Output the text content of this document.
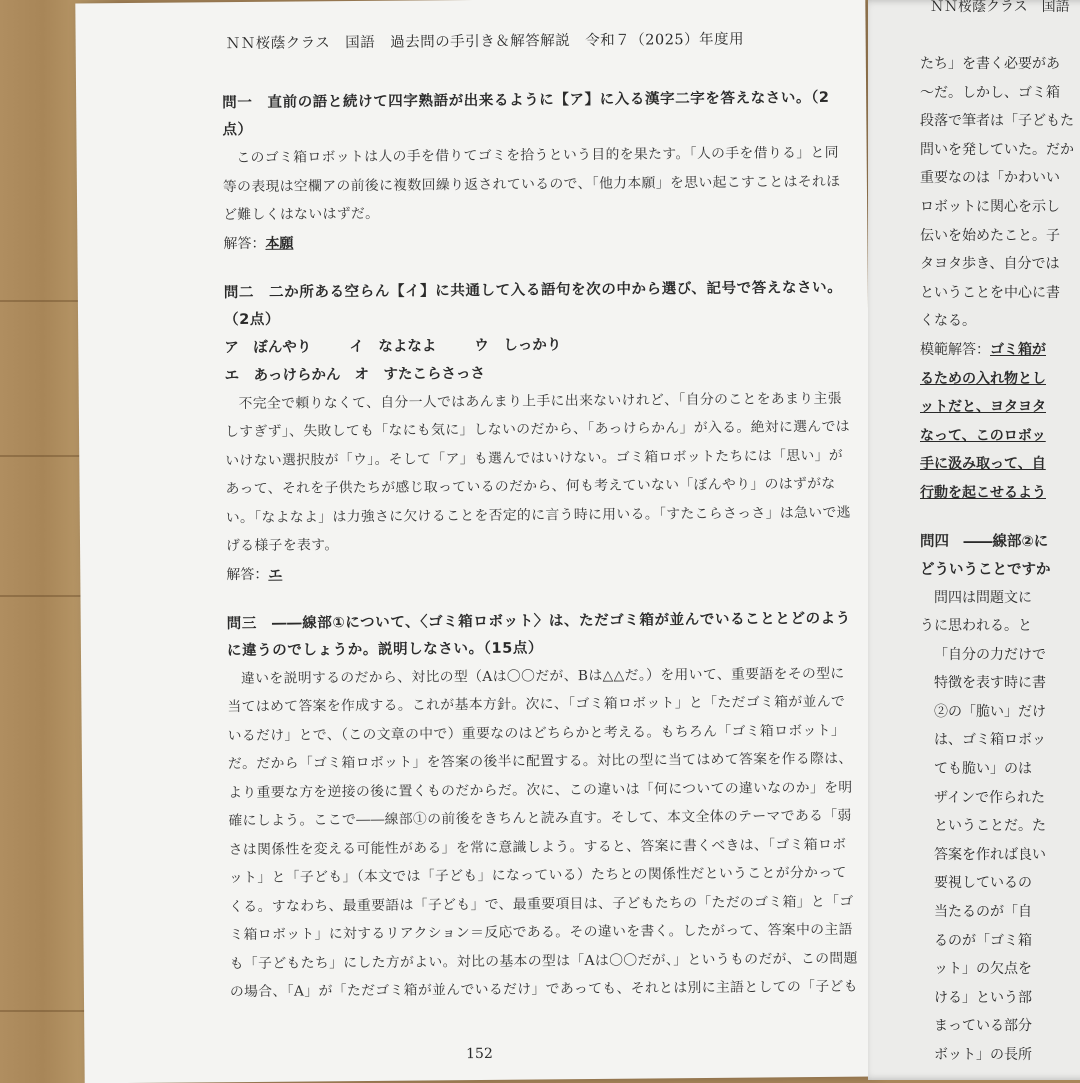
ＮＮ桜蔭クラス　国語　過去問の手引き＆解答解説　令和７（2025）年度用
問一　直前の語と続けて四字熟語が出来るように【ア】に入る漢字二字を答えなさい。（2点）
このゴミ箱ロボットは人の手を借りてゴミを拾うという目的を果たす。「人の手を借りる」と同等の表現は空欄アの前後に複数回繰り返されているので、「他力本願」を思い起こすことはそれほど難しくはないはずだ。
解答：本願
問二　二か所ある空らん【イ】に共通して入る語句を次の中から選び、記号で答えなさい。（2点）
ア　ぼんやり	イ　なよなよ	ウ　しっかり
エ　あっけらかん オ　すたこらさっさ
不完全で頼りなくて、自分一人ではあんまり上手に出来ないけれど、「自分のことをあまり主張しすぎず」、失敗しても「なにも気に」しないのだから、「あっけらかん」が入る。絶対に選んではいけない選択肢が「ウ」。そして「ア」も選んではいけない。ゴミ箱ロボットたちには「思い」があって、それを子供たちが感じ取っているのだから、何も考えていない「ぼんやり」のはずがない。「なよなよ」は力強さに欠けることを否定的に言う時に用いる。「すたこらさっさ」は急いで逃げる様子を表す。
解答：エ
問三　――線部①について、〈ゴミ箱ロボット〉は、ただゴミ箱が並んでいることとどのように違うのでしょうか。説明しなさい。（15点）
違いを説明するのだから、対比の型（Aは〇〇だが、Bは△△だ。）を用いて、重要語をその型に当てはめて答案を作成する。これが基本方針。次に、「ゴミ箱ロボット」と「ただゴミ箱が並んでいるだけ」とで、（この文章の中で）重要なのはどちらかと考える。もちろん「ゴミ箱ロボット」だ。だから「ゴミ箱ロボット」を答案の後半に配置する。対比の型に当てはめて答案を作る際は、より重要な方を逆接の後に置くものだからだ。次に、この違いは「何についての違いなのか」を明確にしよう。ここで――線部①の前後をきちんと読み直す。そして、本文全体のテーマである「弱さは関係性を変える可能性がある」を常に意識しよう。すると、答案に書くべきは、「ゴミ箱ロボット」と「子ども」（本文では「子ども」になっている）たちとの関係性だということが分かってくる。すなわち、最重要語は「子ども」で、最重要項目は、子どもたちの「ただのゴミ箱」と「ゴミ箱ロボット」に対するリアクション＝反応である。その違いを書く。したがって、答案中の主語も「子どもたち」にした方がよい。対比の基本の型は「Aは〇〇だが、」というものだが、この問題の場合、「A」が「ただゴミ箱が並んでいるだけ」であっても、それとは別に主語としての「子ども
152
ＮＮ桜蔭クラス　国語
たち」を書く必要があ
〜だ。しかし、ゴミ箱
段落で筆者は「子どもた
問いを発していた。だか
重要なのは「かわいい
ロボットに関心を示し
伝いを始めたこと。子
タヨタ歩き、自分では
ということを中心に書
くなる。
模範解答：ゴミ箱が
るための入れ物とし
ットだと、ヨタヨタ
なって、このロボッ
手に汲み取って、自
行動を起こせるよう
問四　――線部②に
どういうことですか
問四は問題文に
うに思われる。と
「自分の力だけで
特徴を表す時に書
②の「脆い」だけ
は、ゴミ箱ロボッ
ても脆い」のは
ザインで作られた
ということだ。た
答案を作れば良い
要視しているの
当たるのが「自
るのが「ゴミ箱
ット」の欠点を
ける」という部
まっている部分
ボット」の長所
